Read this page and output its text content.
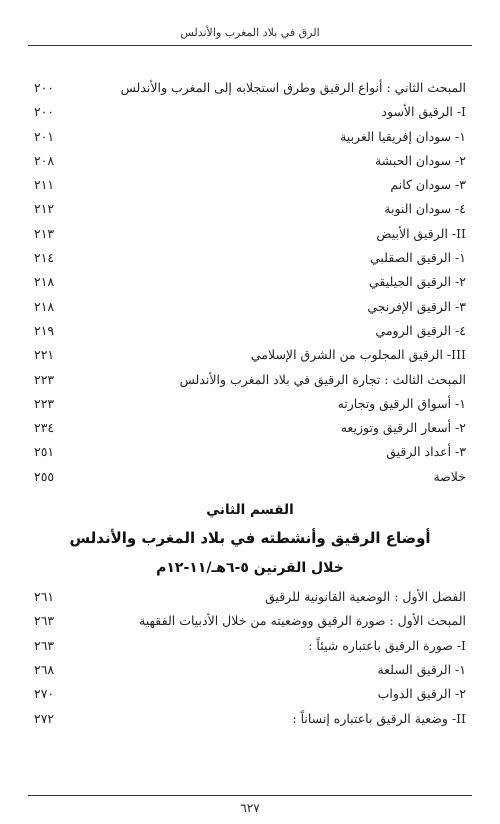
الرق في بلاد المغرب والأندلس
المبحث الثاني : أنواع الرقيق وطرق استجلابه إلى المغرب والأندلس
٢٠٠
I- الرقيق الأسود
٢٠٠
١- سودان إفريقيا الغربية
٢٠١
٢- سودان الحبشة
٢٠٨
٣- سودان كانم
٢١١
٤- سودان النوبة
٢١٢
II- الرقيق الأبيض
٢١٣
١- الرقيق الصقلبي
٢١٤
٢- الرقيق الجيليقي
٢١٨
٣- الرقيق الإفرنجي
٢١٨
٤- الرقيق الرومي
٢١٩
III- الرقيق المجلوب من الشرق الإسلامي
٢٢١
المبحث الثالث : تجارة الرقيق في بلاد المغرب والأندلس
٢٢٣
١- أسواق الرقيق وتجارته
٢٢٣
٢- أسعار الرقيق وتوزيعه
٢٣٤
٣- أعداد الرقيق
٢٥١
خلاصة
٢٥٥
القسم الثاني
أوضاع الرقيق وأنشطته في بلاد المغرب والأندلس
خلال القرنين ٥-٦هـ/١١-١٢م
الفصل الأول : الوضعية القانونية للرقيق
٢٦١
المبحث الأول : صورة الرقيق ووضعيته من خلال الأدبيات الفقهية
٢٦٣
I- صورة الرقيق باعتباره شيئاً :
٢٦٣
١- الرقيق السلعة
٢٦٨
٢- الرقيق الدواب
٢٧٠
II- وضعية الرقيق باعتباره إنساناً :
٢٧٢
٦٢٧
